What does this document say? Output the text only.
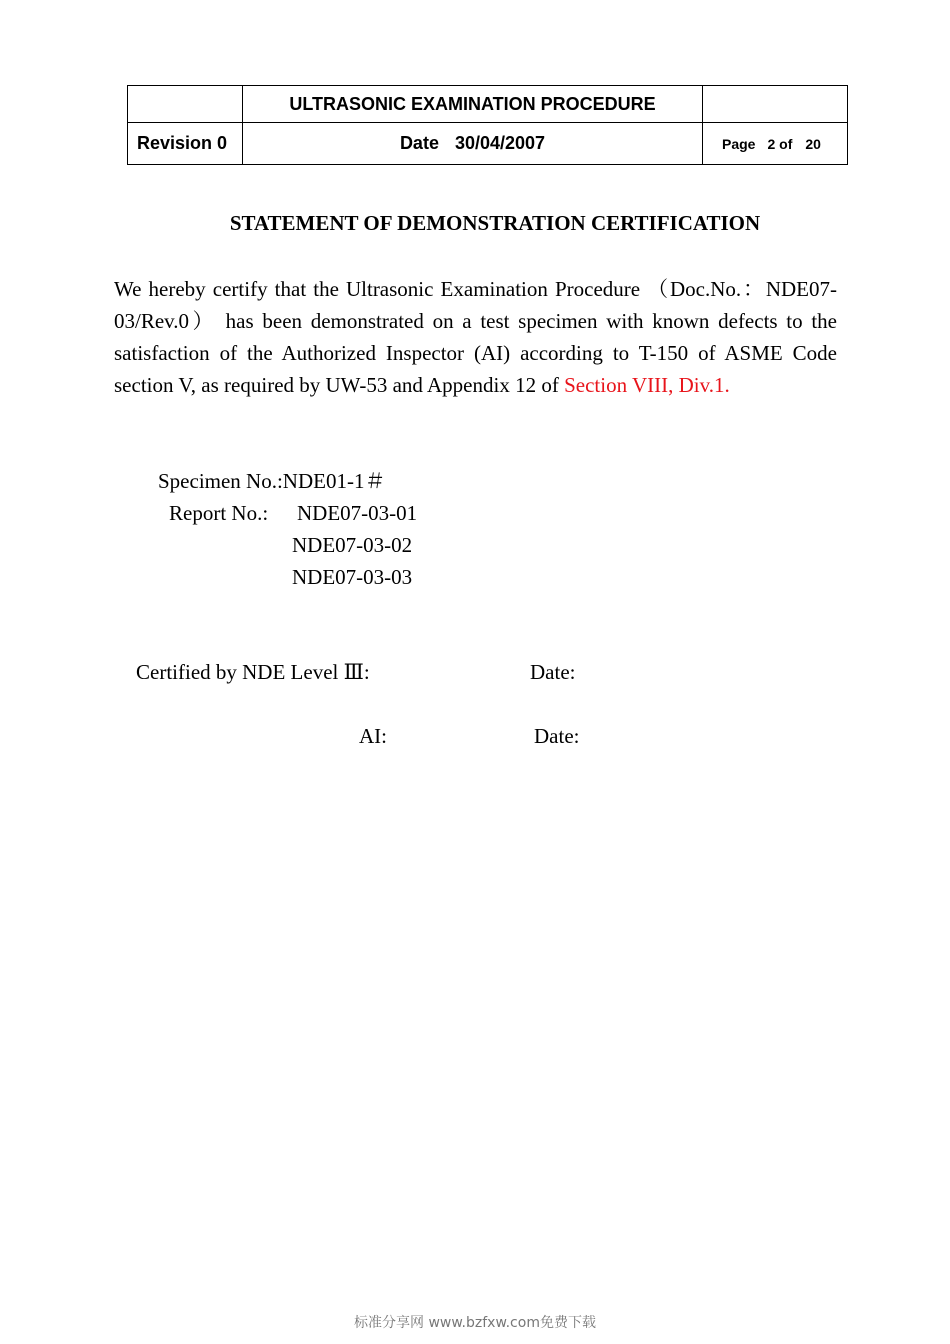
	ULTRASONIC EXAMINATION PROCEDURE	
Revision 0	Date 30/04/2007	Page 2 of 20
STATEMENT OF DEMONSTRATION CERTIFICATION
We hereby certify that the Ultrasonic Examination Procedure （Doc.No.：NDE07-03/Rev.0） has been demonstrated on a test specimen with known defects to the satisfaction of the Authorized Inspector (AI) according to T-150 of ASME Code section V, as required by UW-53 and Appendix 12 of Section VIII, Div.1.
Specimen No.:NDE01-1＃
Report No.: NDE07-03-01
NDE07-03-02
NDE07-03-03
Certified by NDE Level Ⅲ:	Date:
AI:	Date:
标准分享网 www.bzfxw.com免费下载
